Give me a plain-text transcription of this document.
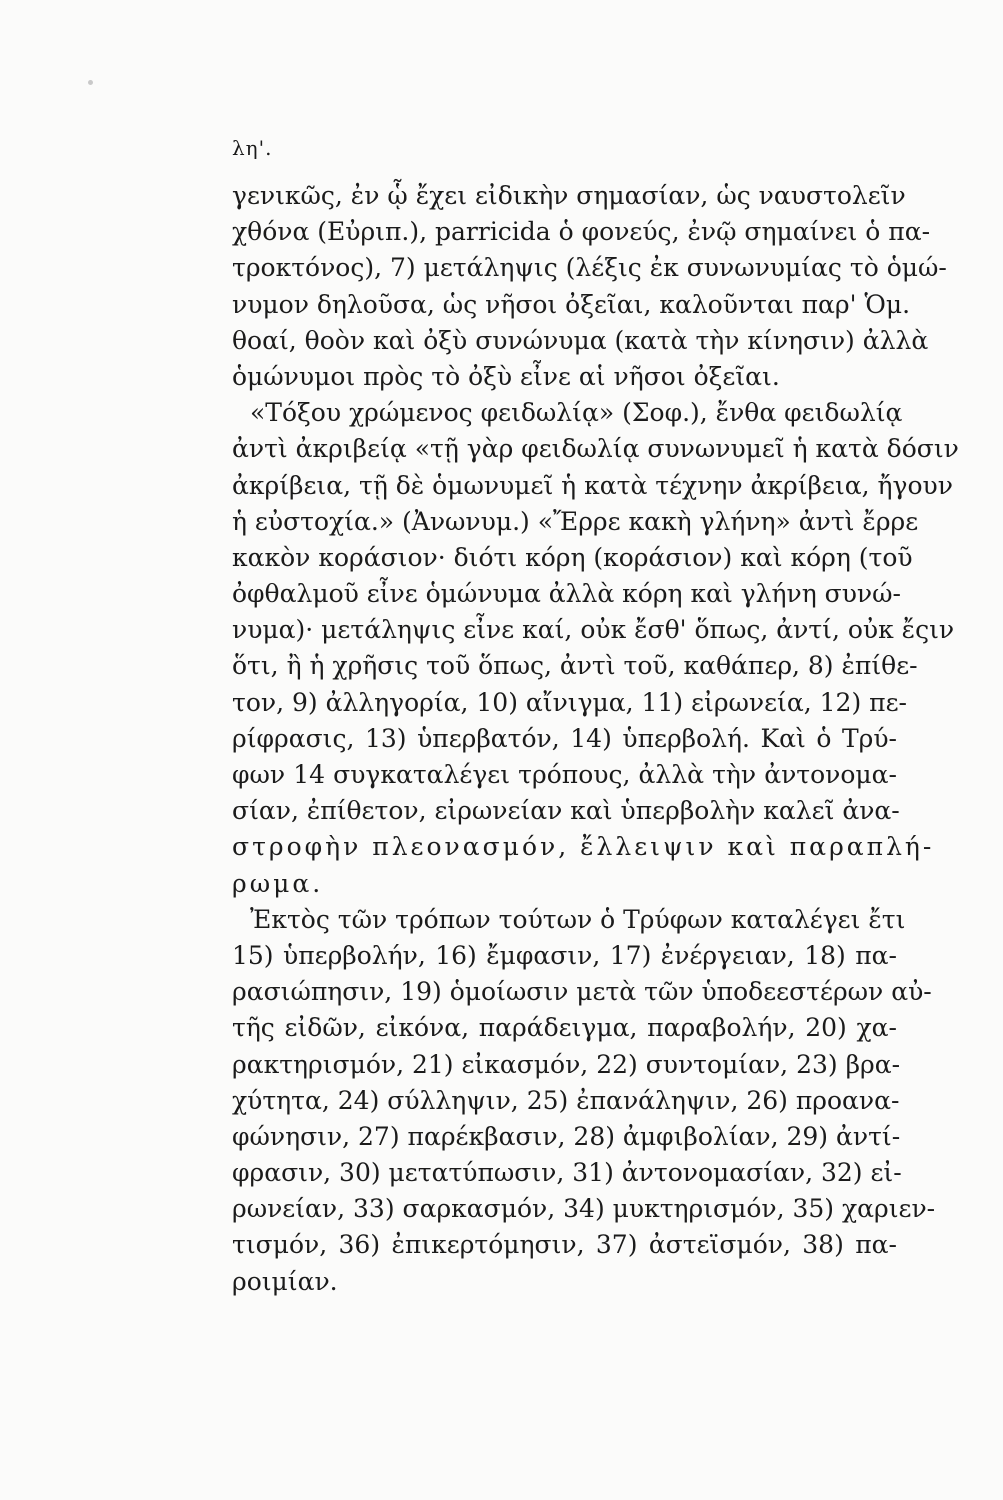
λη'.
γενικῶς, ἐν ᾧ ἔχει εἰδικὴν σημασίαν, ὡς ναυστολεῖν
χθόνα (Εὐριπ.), parricida ὁ φονεύς, ἐνῷ σημαίνει ὁ πα-
τροκτόνος), 7) μετάληψις (λέξις ἐκ συνωνυμίας τὸ ὁμώ-
νυμον δηλοῦσα, ὡς νῆσοι ὀξεῖαι, καλοῦνται παρ' Ὁμ.
θοαί, θοὸν καὶ ὀξὺ συνώνυμα (κατὰ τὴν κίνησιν) ἀλλὰ
ὁμώνυμοι πρὸς τὸ ὀξὺ εἶνε αἱ νῆσοι ὀξεῖαι.
«Τόξου χρώμενος φειδωλίᾳ» (Σοφ.), ἔνθα φειδωλίᾳ
ἀντὶ ἀκριβείᾳ «τῇ γὰρ φειδωλίᾳ συνωνυμεῖ ἡ κατὰ δόσιν
ἀκρίβεια, τῇ δὲ ὁμωνυμεῖ ἡ κατὰ τέχνην ἀκρίβεια, ἤγουν
ἡ εὐστοχία.» (Ἀνωνυμ.) «Ἔρρε κακὴ γλήνη» ἀντὶ ἔρρε
κακὸν κοράσιον· διότι κόρη (κοράσιον) καὶ κόρη (τοῦ
ὀφθαλμοῦ εἶνε ὁμώνυμα ἀλλὰ κόρη καὶ γλήνη συνώ-
νυμα)· μετάληψις εἶνε καί, οὐκ ἔσθ' ὅπως, ἀντί, οὐκ ἔςιν
ὅτι, ἢ ἡ χρῆσις τοῦ ὅπως, ἀντὶ τοῦ, καθάπερ, 8) ἐπίθε-
τον, 9) ἀλληγορία, 10) αἴνιγμα, 11) εἰρωνεία, 12) πε-
ρίφρασις, 13) ὑπερβατόν, 14) ὑπερβολή. Καὶ ὁ Τρύ-
φων 14 συγκαταλέγει τρόπους, ἀλλὰ τὴν ἀντονομα-
σίαν, ἐπίθετον, εἰρωνείαν καὶ ὑπερβολὴν καλεῖ ἀνα-
στροφὴν πλεονασμόν, ἔλλειψιν καὶ παραπλή-
ρωμα.
Ἐκτὸς τῶν τρόπων τούτων ὁ Τρύφων καταλέγει ἔτι
15) ὑπερβολήν, 16) ἔμφασιν, 17) ἐνέργειαν, 18) πα-
ρασιώπησιν, 19) ὁμοίωσιν μετὰ τῶν ὑποδεεστέρων αὐ-
τῆς εἰδῶν, εἰκόνα, παράδειγμα, παραβολήν, 20) χα-
ρακτηρισμόν, 21) εἰκασμόν, 22) συντομίαν, 23) βρα-
χύτητα, 24) σύλληψιν, 25) ἐπανάληψιν, 26) προανα-
φώνησιν, 27) παρέκβασιν, 28) ἀμφιβολίαν, 29) ἀντί-
φρασιν, 30) μετατύπωσιν, 31) ἀντονομασίαν, 32) εἰ-
ρωνείαν, 33) σαρκασμόν, 34) μυκτηρισμόν, 35) χαριεν-
τισμόν, 36) ἐπικερτόμησιν, 37) ἀστεϊσμόν, 38) πα-
ροιμίαν.
